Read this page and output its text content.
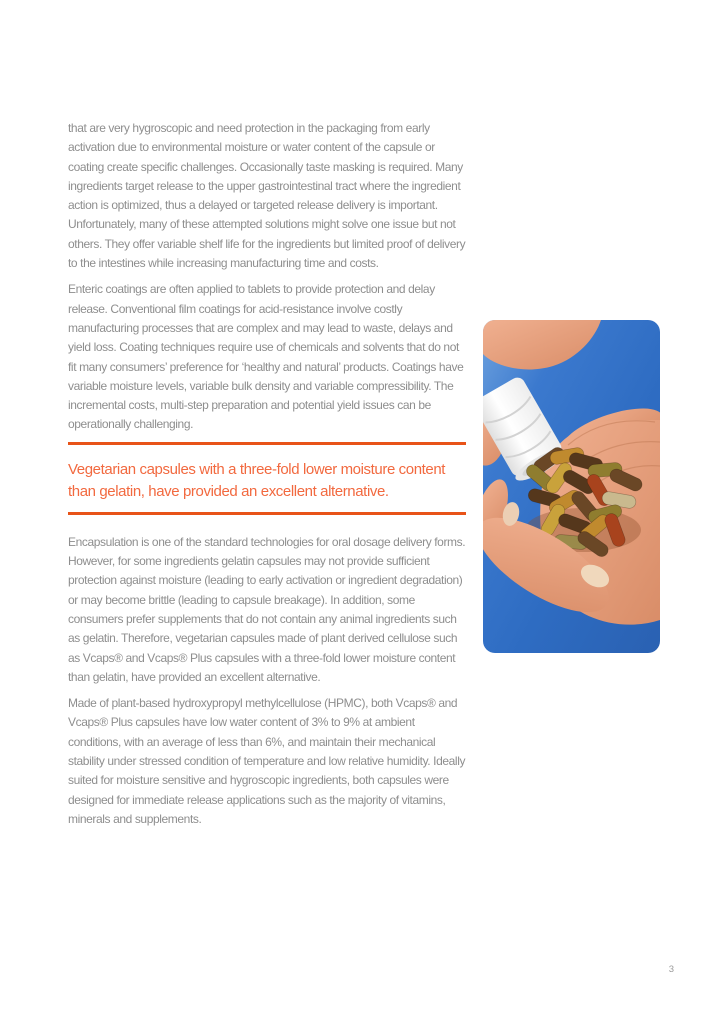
that are very hygroscopic and need protection in the packaging from early activation due to environmental moisture or water content of the capsule or coating create specific challenges. Occasionally taste masking is required. Many ingredients target release to the upper gastrointestinal tract where the ingredient action is optimized, thus a delayed or targeted release delivery is important. Unfortunately, many of these attempted solutions might solve one issue but not others. They offer variable shelf life for the ingredients but limited proof of delivery to the intestines while increasing manufacturing time and costs.

Enteric coatings are often applied to tablets to provide protection and delay release. Conventional film coatings for acid-resistance involve costly manufacturing processes that are complex and may lead to waste, delays and yield loss. Coating techniques require use of chemicals and solvents that do not fit many consumers’ preference for ‘healthy and natural’ products. Coatings have variable moisture levels, variable bulk density and variable compressibility. The incremental costs, multi-step preparation and potential yield issues can be operationally challenging.

Vegetarian capsules with a three-fold lower moisture content
than gelatin, have provided an excellent alternative.

Encapsulation is one of the standard technologies for oral dosage delivery forms. However, for some ingredients gelatin capsules may not provide sufficient protection against moisture (leading to early activation or ingredient degradation) or may become brittle (leading to capsule breakage). In addition, some consumers prefer supplements that do not contain any animal ingredients such as gelatin. Therefore, vegetarian capsules made of plant derived cellulose such as Vcaps® and Vcaps® Plus capsules with a three-fold lower moisture content than gelatin, have provided an excellent alternative.

Made of plant-based hydroxypropyl methylcellulose (HPMC), both Vcaps® and Vcaps® Plus capsules have low water content of 3% to 9% at ambient conditions, with an average of less than 6%, and maintain their mechanical stability under stressed condition of temperature and low relative humidity. Ideally suited for moisture sensitive and hygroscopic ingredients, both capsules were designed for immediate release applications such as the majority of vitamins, minerals and supplements.

3
